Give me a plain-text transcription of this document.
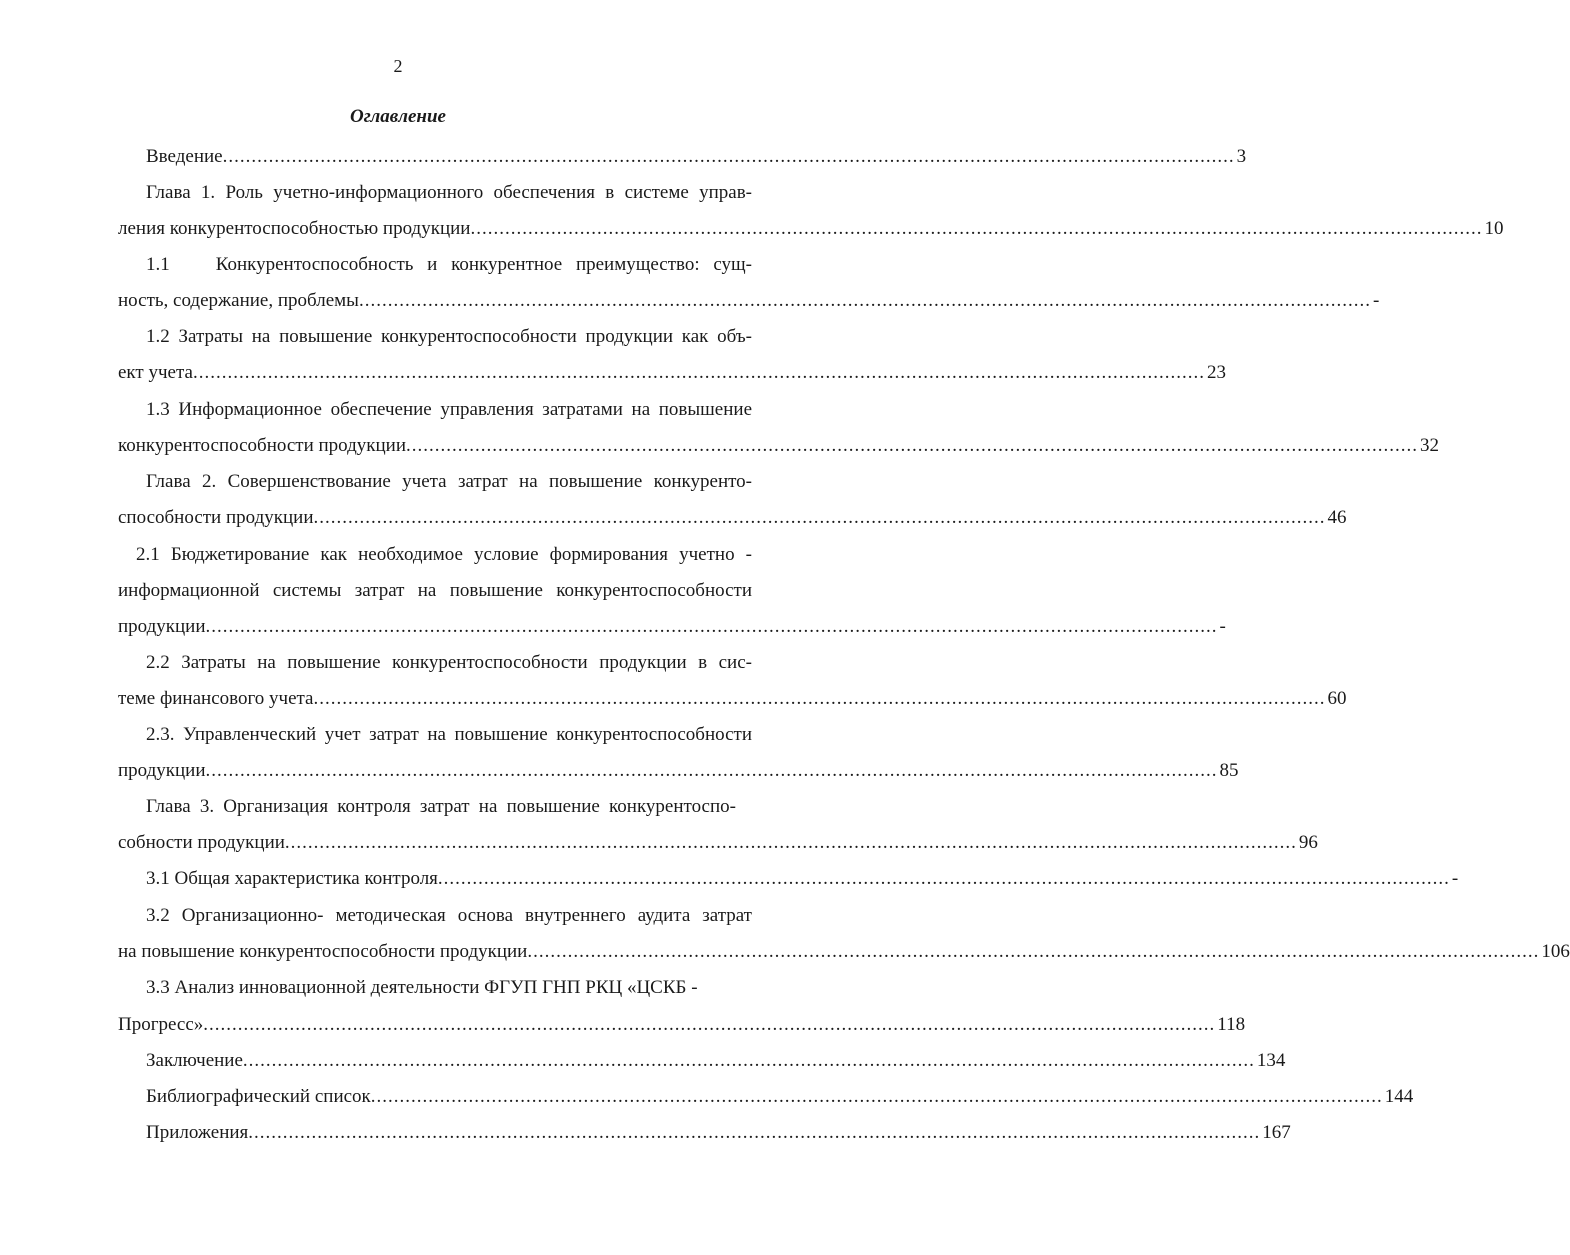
2
Оглавление
Введение ................................................................................................................................................................................ 3
Глава 1. Роль учетно-информационного обеспечения в системе управ-
ления конкурентоспособностью продукции ................................................................................................................................................................................ 10
1.1 Конкурентоспособность и конкурентное преимущество: сущ-
ность, содержание, проблемы ................................................................................................................................................................................ -
1.2 Затраты на повышение конкурентоспособности продукции как объ-
ект учета ................................................................................................................................................................................ 23
1.3 Информационное обеспечение управления затратами на повышение
конкурентоспособности продукции ................................................................................................................................................................................ 32
Глава 2. Совершенствование учета затрат на повышение конкуренто-
способности продукции ................................................................................................................................................................................ 46
2.1 Бюджетирование как необходимое условие формирования учетно -
информационной системы затрат на повышение конкурентоспособности
продукции ................................................................................................................................................................................ -
2.2 Затраты на повышение конкурентоспособности продукции в сис-
теме финансового учета ................................................................................................................................................................................ 60
2.3. Управленческий учет затрат на повышение конкурентоспособности
продукции ................................................................................................................................................................................ 85
Глава 3. Организация контроля затрат на повышение конкурентоспо-
собности продукции ................................................................................................................................................................................ 96
3.1 Общая характеристика контроля ................................................................................................................................................................................ -
3.2 Организационно- методическая основа внутреннего аудита затрат
на повышение конкурентоспособности продукции ................................................................................................................................................................................ 106
3.3 Анализ инновационной деятельности ФГУП ГНП РКЦ «ЦСКБ -
Прогресс» ................................................................................................................................................................................ 118
Заключение ................................................................................................................................................................................ 134
Библиографический список ................................................................................................................................................................................ 144
Приложения ................................................................................................................................................................................ 167
